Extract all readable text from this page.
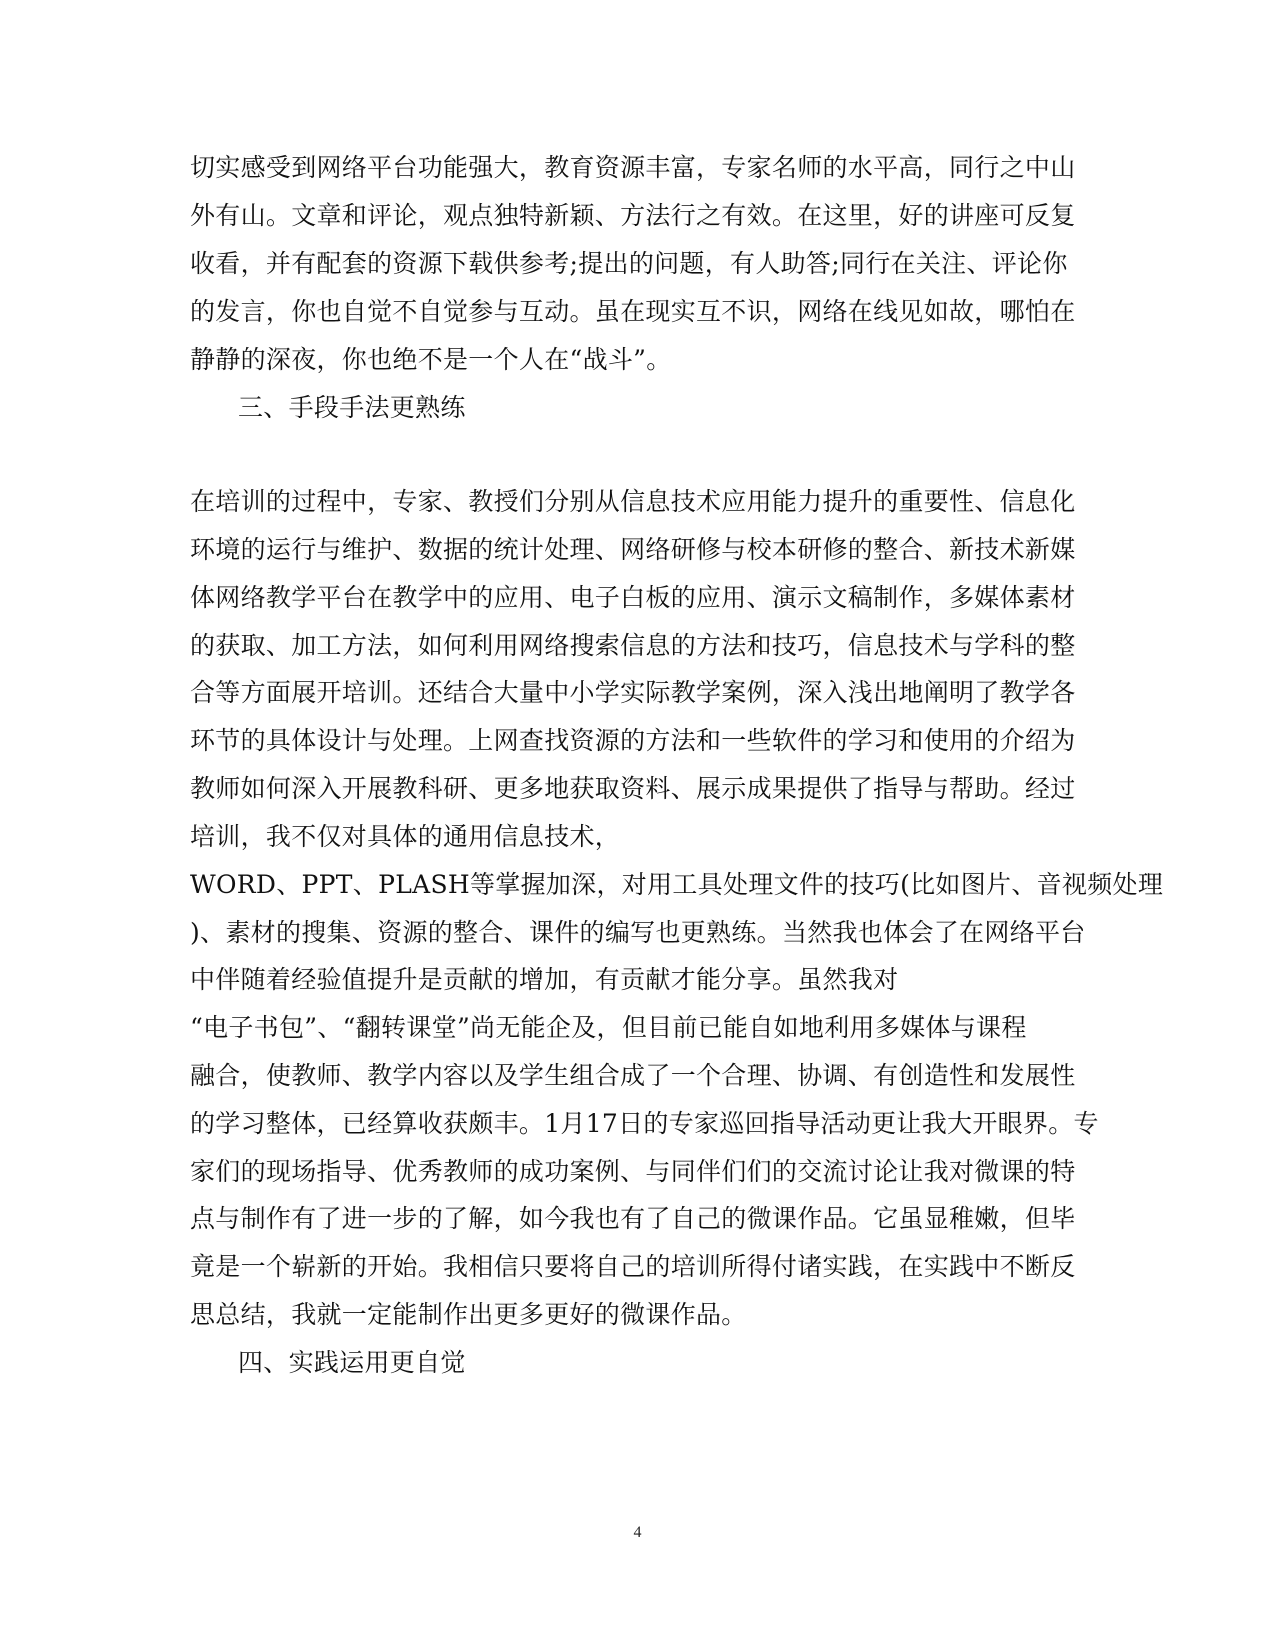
切实感受到网络平台功能强大，教育资源丰富，专家名师的水平高，同行之中山
外有山。文章和评论，观点独特新颖、方法行之有效。在这里，好的讲座可反复
收看，并有配套的资源下载供参考;提出的问题，有人助答;同行在关注、评论你
的发言，你也自觉不自觉参与互动。虽在现实互不识，网络在线见如故，哪怕在
静静的深夜，你也绝不是一个人在“战斗”。
三、手段手法更熟练
在培训的过程中，专家、教授们分别从信息技术应用能力提升的重要性、信息化
环境的运行与维护、数据的统计处理、网络研修与校本研修的整合、新技术新媒
体网络教学平台在教学中的应用、电子白板的应用、演示文稿制作，多媒体素材
的获取、加工方法，如何利用网络搜索信息的方法和技巧，信息技术与学科的整
合等方面展开培训。还结合大量中小学实际教学案例，深入浅出地阐明了教学各
环节的具体设计与处理。上网查找资源的方法和一些软件的学习和使用的介绍为
教师如何深入开展教科研、更多地获取资料、展示成果提供了指导与帮助。经过
培训，我不仅对具体的通用信息技术，
WORD、PPT、PLASH等掌握加深，对用工具处理文件的技巧(比如图片、音视频处理
)、素材的搜集、资源的整合、课件的编写也更熟练。当然我也体会了在网络平台
中伴随着经验值提升是贡献的增加，有贡献才能分享。虽然我对
“电子书包”、“翻转课堂”尚无能企及，但目前已能自如地利用多媒体与课程
融合，使教师、教学内容以及学生组合成了一个合理、协调、有创造性和发展性
的学习整体，已经算收获颇丰。1月17日的专家巡回指导活动更让我大开眼界。专
家们的现场指导、优秀教师的成功案例、与同伴们们的交流讨论让我对微课的特
点与制作有了进一步的了解，如今我也有了自己的微课作品。它虽显稚嫩，但毕
竟是一个崭新的开始。我相信只要将自己的培训所得付诸实践，在实践中不断反
思总结，我就一定能制作出更多更好的微课作品。
四、实践运用更自觉
4
